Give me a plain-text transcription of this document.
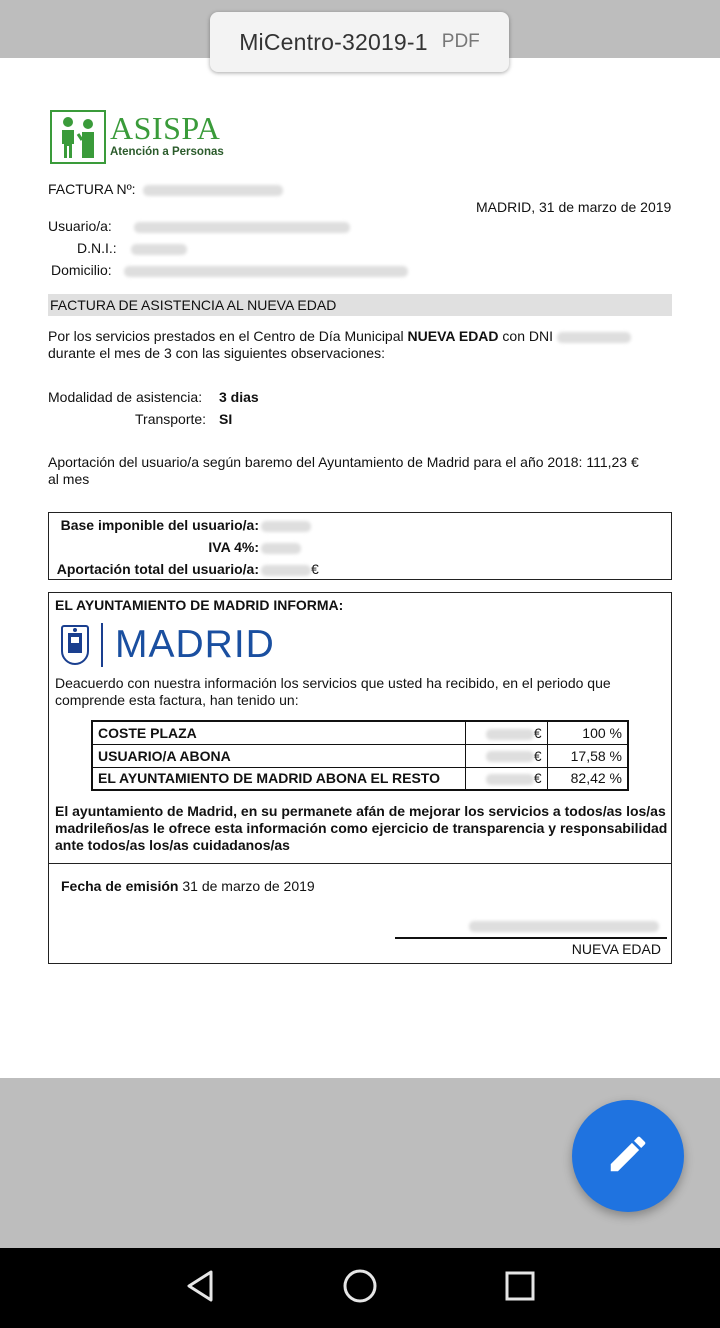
MiCentro-32019-1 PDF
ASISPA
Atención a Personas
FACTURA Nº:
MADRID, 31 de marzo de 2019
Usuario/a:
D.N.I.:
Domicilio:
FACTURA DE ASISTENCIA AL NUEVA EDAD
Por los servicios prestados en el Centro de Día Municipal NUEVA EDAD con DNI
durante el mes de 3 con las siguientes observaciones:
Modalidad de asistencia: 3 dias
Transporte: SI
Aportación del usuario/a según baremo del Ayuntamiento de Madrid para el año 2018: 111,23 €
al mes
Base imponible del usuario/a:
IVA 4%:
Aportación total del usuario/a:	€
EL AYUNTAMIENTO DE MADRID INFORMA:
MADRID
Deacuerdo con nuestra información los servicios que usted ha recibido, en el periodo que
comprende esta factura, han tenido un:
COSTE PLAZA	€	100 %
USUARIO/A ABONA	€	17,58 %
EL AYUNTAMIENTO DE MADRID ABONA EL RESTO	€	82,42 %
El ayuntamiento de Madrid, en su permanete afán de mejorar los servicios a todos/as los/as
madrileños/as le ofrece esta información como ejercicio de transparencia y responsabilidad
ante todos/as los/as cuidadanos/as
Fecha de emisión 31 de marzo de 2019
NUEVA EDAD
